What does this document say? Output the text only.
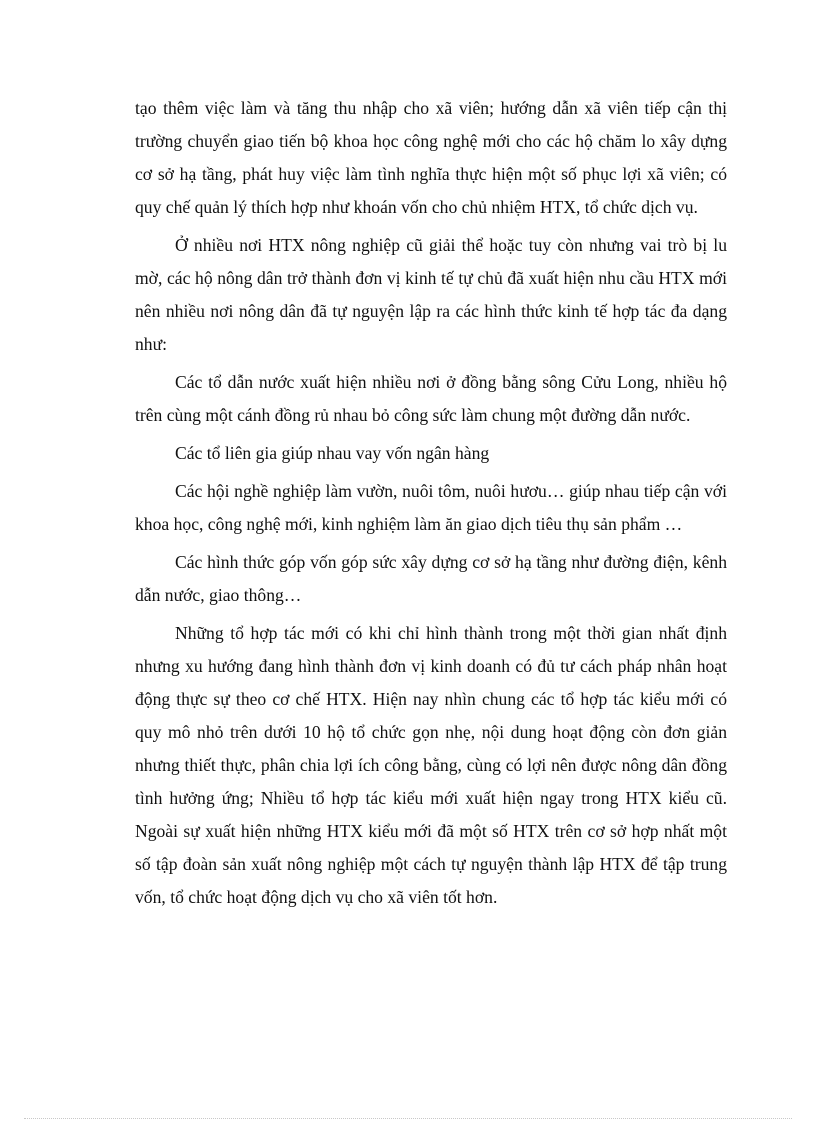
tạo thêm việc làm và tăng thu nhập cho xã viên; hướng dẫn xã viên tiếp cận thị trường chuyển giao tiến bộ khoa học công nghệ mới cho các hộ chăm lo xây dựng cơ sở hạ tầng, phát huy việc làm tình nghĩa thực hiện một số phục lợi xã viên; có quy chế quản lý thích hợp như khoán vốn cho chủ nhiệm HTX, tổ chức dịch vụ.

Ở nhiều nơi HTX nông nghiệp cũ giải thể hoặc tuy còn nhưng vai trò bị lu mờ, các hộ nông dân trở thành đơn vị kinh tế tự chủ đã xuất hiện nhu cầu HTX mới nên nhiều nơi nông dân đã tự nguyện lập ra các hình thức kinh tế hợp tác đa dạng như:

Các tổ dẫn nước xuất hiện nhiều nơi ở đồng bằng sông Cửu Long, nhiều hộ trên cùng một cánh đồng rủ nhau bỏ công sức làm chung một đường dẫn nước.

Các tổ liên gia giúp nhau vay vốn ngân hàng

Các hội nghề nghiệp làm vườn, nuôi tôm, nuôi hươu… giúp nhau tiếp cận với khoa học, công nghệ mới, kinh nghiệm làm ăn giao dịch tiêu thụ sản phẩm …

Các hình thức góp vốn góp sức xây dựng cơ sở hạ tầng như đường điện, kênh dẫn nước, giao thông…

Những tổ hợp tác mới có khi chỉ hình thành trong một thời gian nhất định nhưng xu hướng đang hình thành đơn vị kinh doanh có đủ tư cách pháp nhân hoạt động thực sự theo cơ chế HTX. Hiện nay nhìn chung các tổ hợp tác kiểu mới có quy mô nhỏ trên dưới 10 hộ tổ chức gọn nhẹ, nội dung hoạt động còn đơn giản nhưng thiết thực, phân chia lợi ích công bằng, cùng có lợi nên được nông dân đồng tình hưởng ứng; Nhiều tổ hợp tác kiểu mới xuất hiện ngay trong HTX kiểu cũ. Ngoài sự xuất hiện những HTX kiểu mới đã một số HTX trên cơ sở hợp nhất một số tập đoàn sản xuất nông nghiệp một cách tự nguyện thành lập HTX để tập trung vốn, tổ chức hoạt động dịch vụ cho xã viên tốt hơn.
